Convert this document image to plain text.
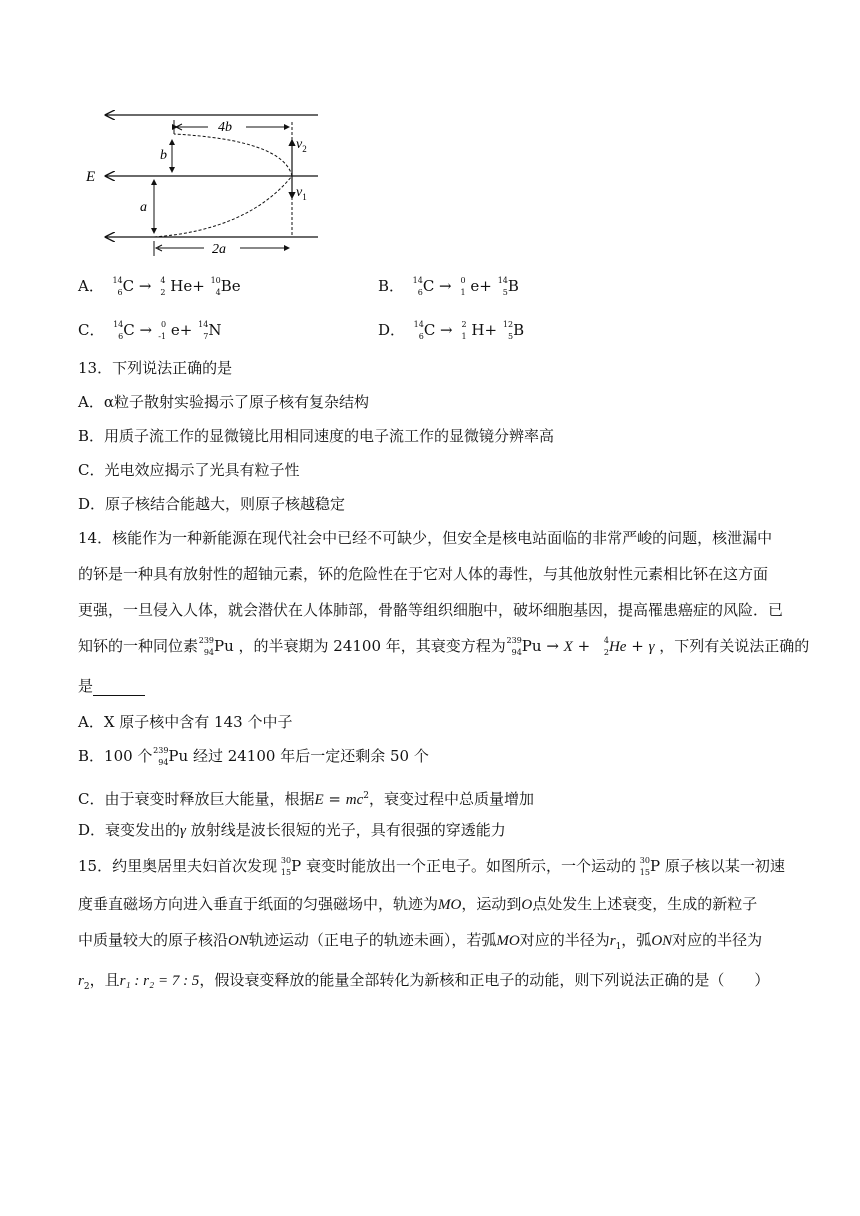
4b
b
E
a
2a
$v_2$
$v_1$
A． 14
6 C → 4
2 He+ 10
4 Be	B． 14
6 C → 0
1 e+ 14
5 B
C． 14
6 C → 0
-1 e+ 14
7 N	D． 14
6 C → 2
1 H+ 12
5 B
13．下列说法正确的是
A．α粒子散射实验揭示了原子核有复杂结构
B．用质子流工作的显微镜比用相同速度的电子流工作的显微镜分辨率高
C．光电效应揭示了光具有粒子性
D．原子核结合能越大，则原子核越稳定
14．核能作为一种新能源在现代社会中已经不可缺少，但安全是核电站面临的非常严峻的问题，核泄漏中
的钚是一种具有放射性的超铀元素，钚的危险性在于它对人体的毒性，与其他放射性元素相比钚在这方面
更强，一旦侵入人体，就会潜伏在人体肺部，骨骼等组织细胞中，破坏细胞基因，提高罹患癌症的风险．已
知钚的一种同位素 239
94 Pu ，的半衰期为 24100 年，其衰变方程为 239
94 Pu → X + 4
2 He + γ ，下列有关说法正确的
是
A．X 原子核中含有 143 个中子
B．100 个 239
94 Pu 经过 24100 年后一定还剩余 50 个
C．由于衰变时释放巨大能量，根据$E = mc^2$，衰变过程中总质量增加
D．衰变发出的γ 放射线是波长很短的光子，具有很强的穿透能力
15．约里奥居里夫妇首次发现 30
15 P 衰变时能放出一个正电子。如图所示，一个运动的 30
15 P 原子核以某一初速
度垂直磁场方向进入垂直于纸面的匀强磁场中，轨迹为MO，运动到O点处发生上述衰变，生成的新粒子
中质量较大的原子核沿ON轨迹运动（正电子的轨迹未画），若弧MO对应的半径为$r_1$，弧ON对应的半径为
$r_2$，且r₁ : r₂ = 7 : 5，假设衰变释放的能量全部转化为新核和正电子的动能，则下列说法正确的是（　　）
